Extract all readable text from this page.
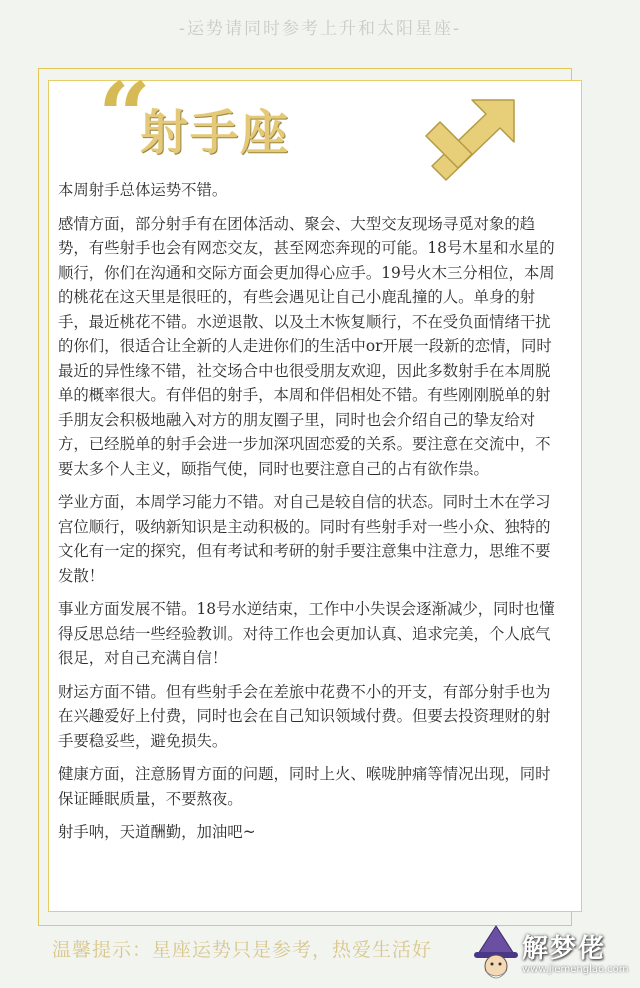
-运势请同时参考上升和太阳星座-
“
射手座

本周射手总体运势不错。

感情方面，部分射手有在团体活动、聚会、大型交友现场寻觅对象的趋势，有些射手也会有网恋交友，甚至网恋奔现的可能。18号木星和水星的顺行，你们在沟通和交际方面会更加得心应手。19号火木三分相位，本周的桃花在这天里是很旺的，有些会遇见让自己小鹿乱撞的人。单身的射手，最近桃花不错。水逆退散、以及土木恢复顺行，不在受负面情绪干扰的你们，很适合让全新的人走进你们的生活中or开展一段新的恋情，同时最近的异性缘不错，社交场合中也很受朋友欢迎，因此多数射手在本周脱单的概率很大。有伴侣的射手，本周和伴侣相处不错。有些刚刚脱单的射手朋友会积极地融入对方的朋友圈子里，同时也会介绍自己的挚友给对方，已经脱单的射手会进一步加深巩固恋爱的关系。要注意在交流中，不要太多个人主义，颐指气使，同时也要注意自己的占有欲作祟。

学业方面，本周学习能力不错。对自己是较自信的状态。同时土木在学习宫位顺行，吸纳新知识是主动积极的。同时有些射手对一些小众、独特的文化有一定的探究，但有考试和考研的射手要注意集中注意力，思维不要发散！

事业方面发展不错。18号水逆结束，工作中小失误会逐渐减少，同时也懂得反思总结一些经验教训。对待工作也会更加认真、追求完美，个人底气很足，对自己充满自信！

财运方面不错。但有些射手会在差旅中花费不小的开支，有部分射手也为在兴趣爱好上付费，同时也会在自己知识领域付费。但要去投资理财的射手要稳妥些，避免损失。

健康方面，注意肠胃方面的问题，同时上火、喉咙肿痛等情况出现，同时保证睡眠质量，不要熬夜。

射手呐，天道酬勤，加油吧~

温馨提示：星座运势只是参考，热爱生活好	解梦佬
www.jiemenglao.com
